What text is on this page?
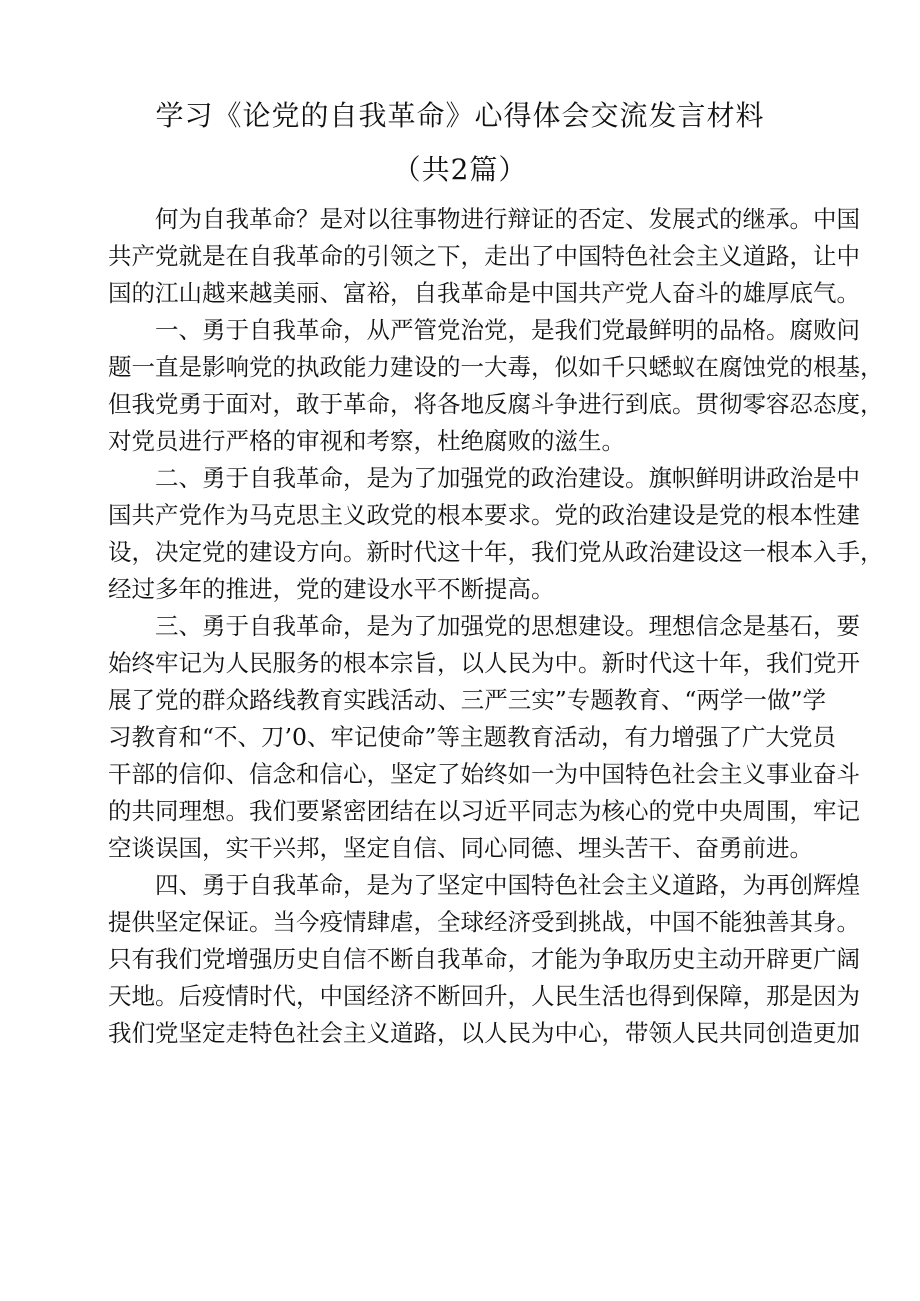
学习《论党的自我革命》心得体会交流发言材料
（共2篇）

何为自我革命？是对以往事物进行辩证的否定、发展式的继承。中国
共产党就是在自我革命的引领之下，走出了中国特色社会主义道路，让中
国的江山越来越美丽、富裕，自我革命是中国共产党人奋斗的雄厚底气。

一、勇于自我革命，从严管党治党，是我们党最鲜明的品格。腐败问
题一直是影响党的执政能力建设的一大毒，似如千只蟋蚁在腐蚀党的根基，
但我党勇于面对，敢于革命，将各地反腐斗争进行到底。贯彻零容忍态度，
对党员进行严格的审视和考察，杜绝腐败的滋生。

二、勇于自我革命，是为了加强党的政治建设。旗帜鲜明讲政治是中
国共产党作为马克思主义政党的根本要求。党的政治建设是党的根本性建
设，决定党的建设方向。新时代这十年，我们党从政治建设这一根本入手，
经过多年的推进，党的建设水平不断提高。

三、勇于自我革命，是为了加强党的思想建设。理想信念是基石，要
始终牢记为人民服务的根本宗旨，以人民为中。新时代这十年，我们党开
展了党的群众路线教育实践活动、三严三实”专题教育、“两学一做”学
习教育和“不、刀’0、牢记使命”等主题教育活动，有力增强了广大党员
干部的信仰、信念和信心，坚定了始终如一为中国特色社会主义事业奋斗
的共同理想。我们要紧密团结在以习近平同志为核心的党中央周围，牢记
空谈误国，实干兴邦，坚定自信、同心同德、埋头苦干、奋勇前进。

四、勇于自我革命，是为了坚定中国特色社会主义道路，为再创辉煌
提供坚定保证。当今疫情肆虐，全球经济受到挑战，中国不能独善其身。
只有我们党增强历史自信不断自我革命，才能为争取历史主动开辟更广阔
天地。后疫情时代，中国经济不断回升，人民生活也得到保障，那是因为
我们党坚定走特色社会主义道路，以人民为中心，带领人民共同创造更加
